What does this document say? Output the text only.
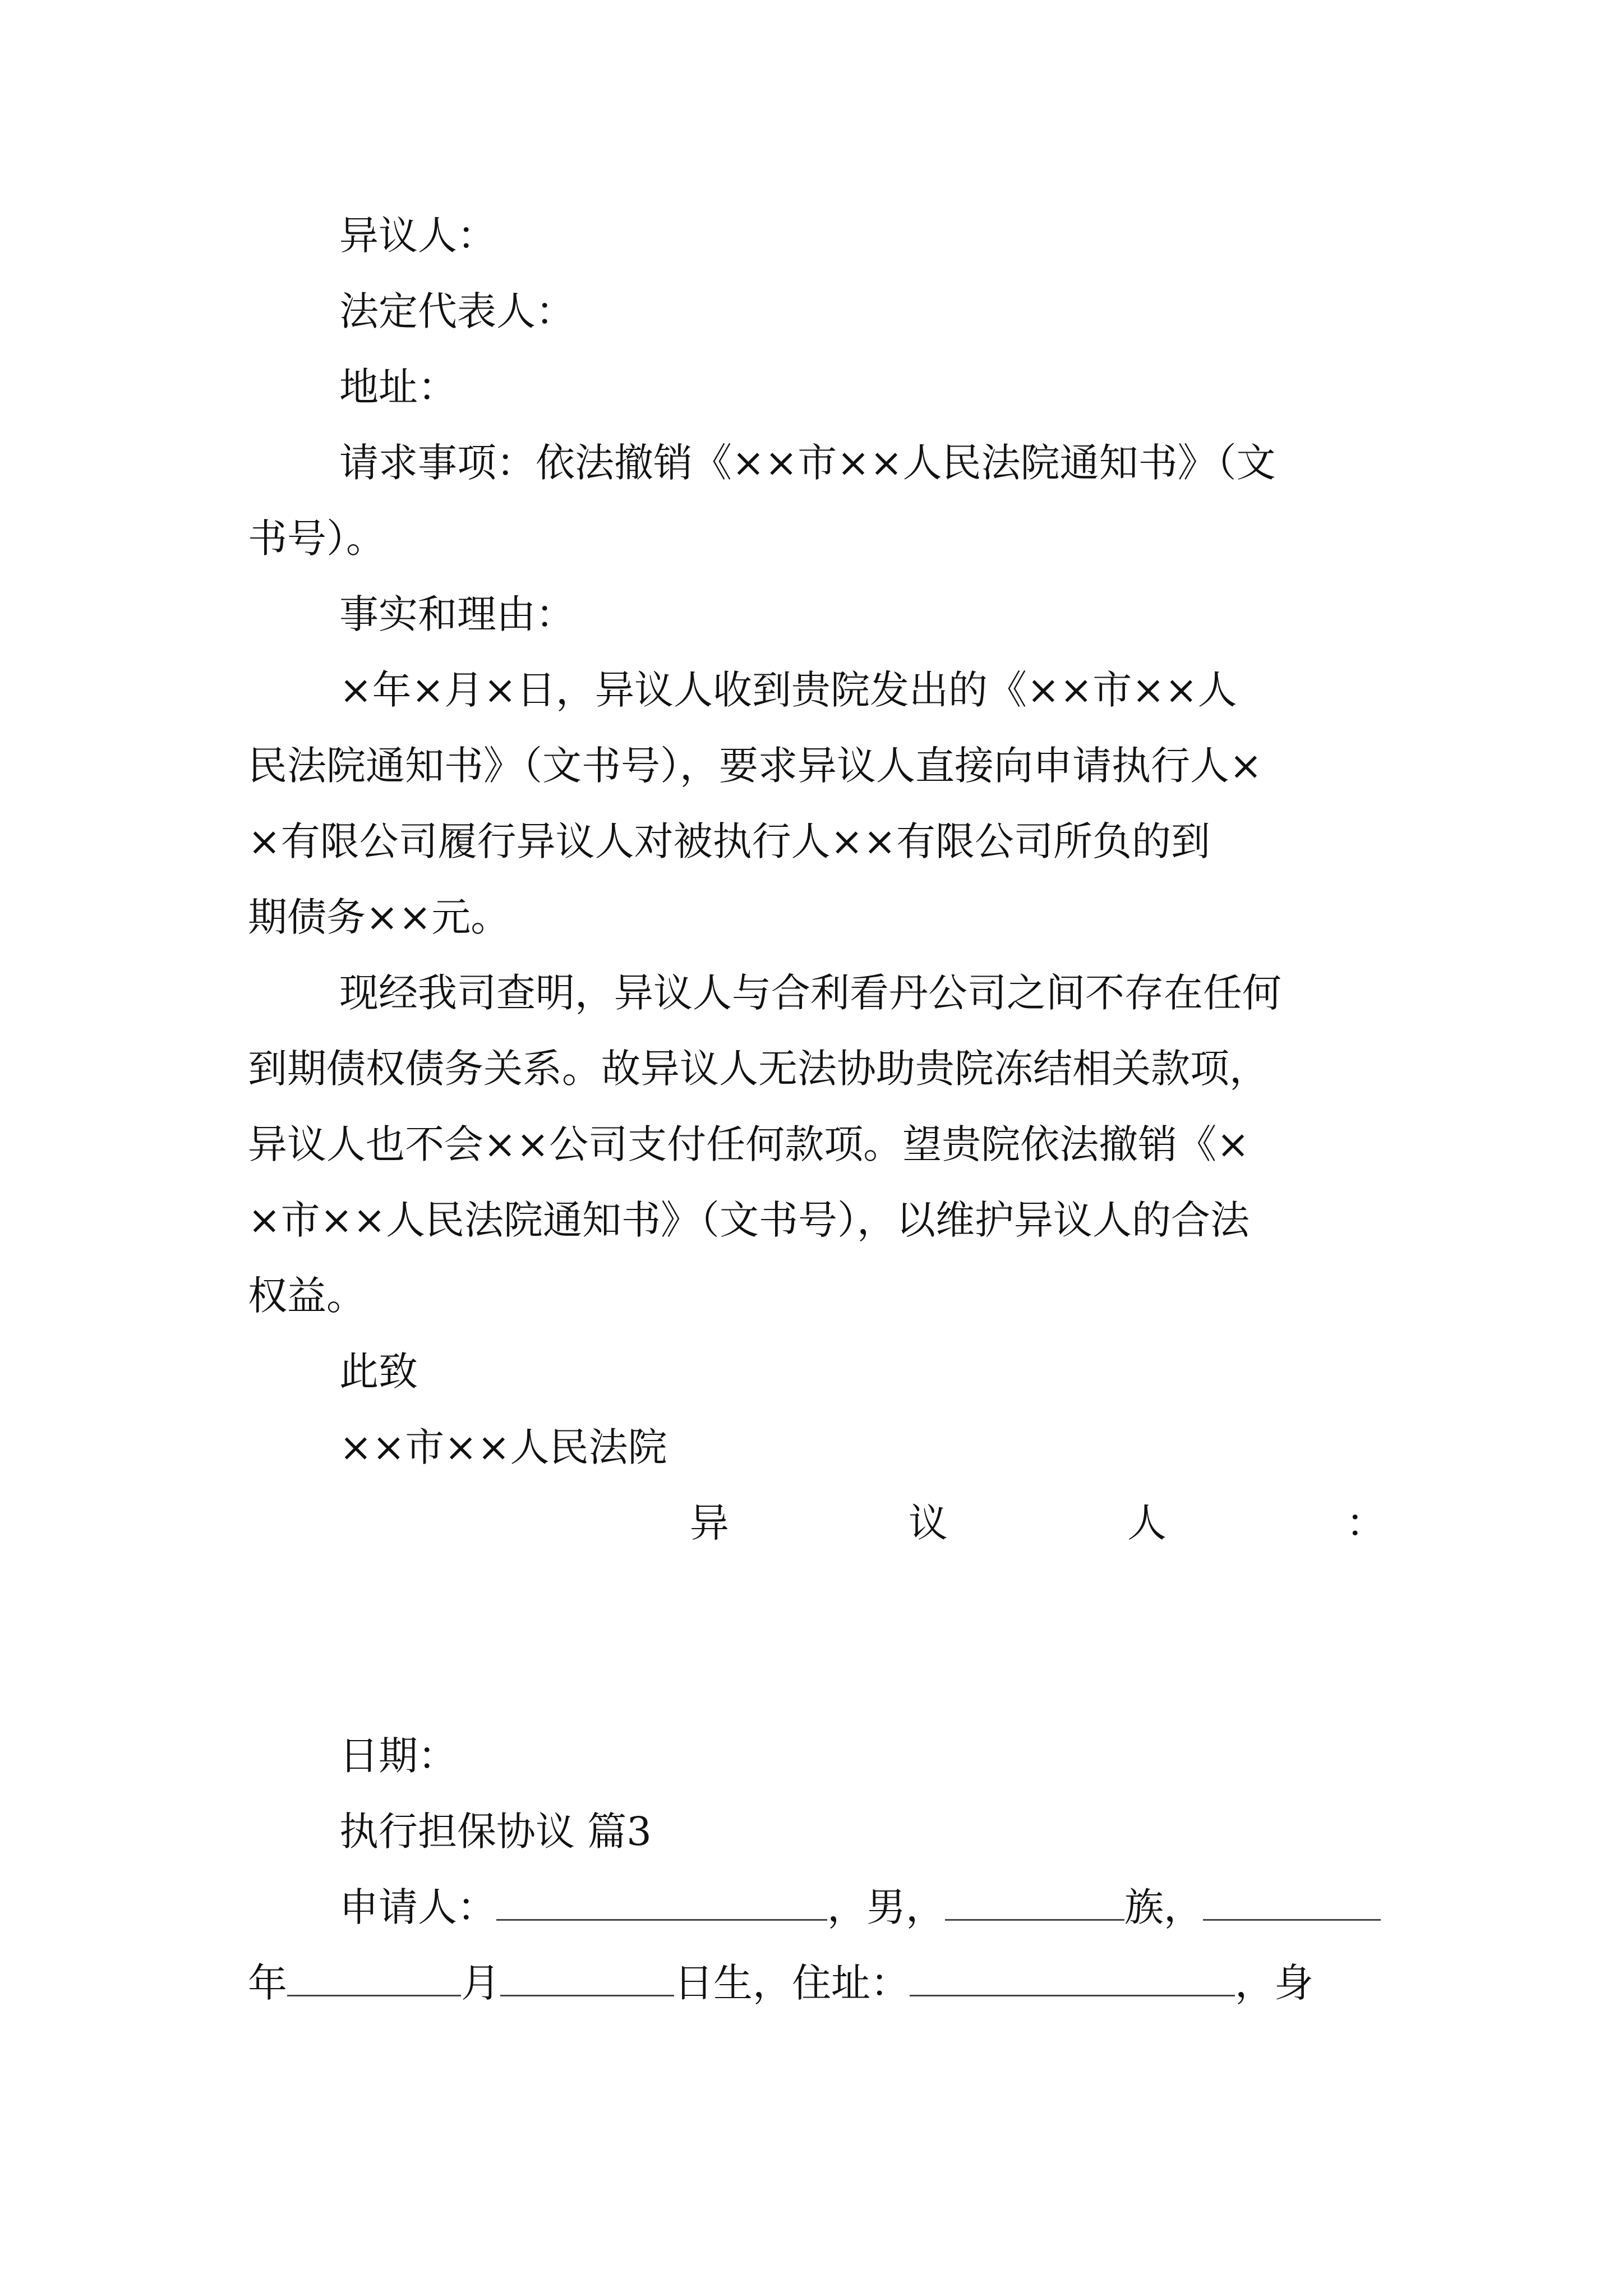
异议人：
法定代表人：
地址：
请求事项：依法撤销《××市××人民法院通知书》（文
书号）。
事实和理由：
×年×月×日，异议人收到贵院发出的《××市××人
民法院通知书》（文书号），要求异议人直接向申请执行人×
×有限公司履行异议人对被执行人××有限公司所负的到
期债务××元。
现经我司查明，异议人与合利看丹公司之间不存在任何
到期债权债务关系。故异议人无法协助贵院冻结相关款项，
异议人也不会××公司支付任何款项。望贵院依法撤销《×
×市××人民法院通知书》（文书号），以维护异议人的合法
权益。
此致
××市××人民法院
异	议	人	：
日期：
执行担保协议 篇3
申请人：	，男，	族，
年	月	日生，住址：	，身
